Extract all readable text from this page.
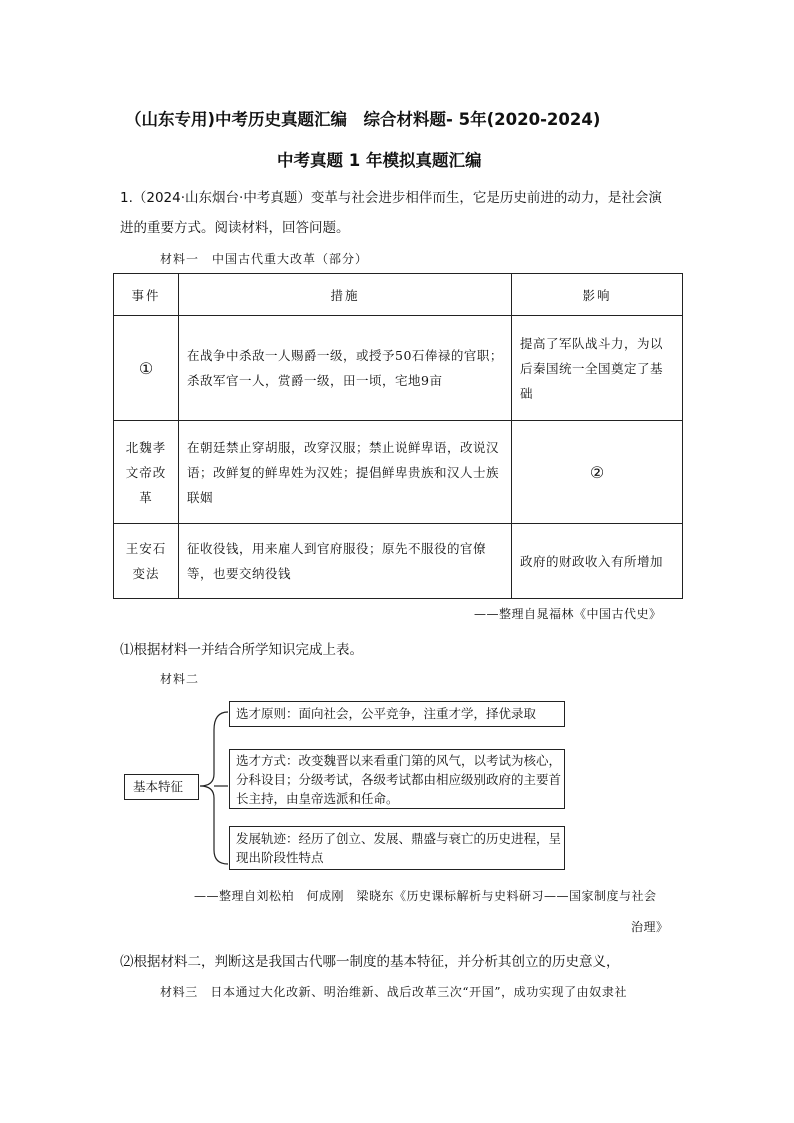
（山东专用)中考历史真题汇编　综合材料题- 5年(2020-2024)
中考真题 1 年模拟真题汇编
1.（2024·山东烟台·中考真题）变革与社会进步相伴而生，它是历史前进的动力，是社会演
进的重要方式。阅读材料，回答问题。
材料一　中国古代重大改革（部分）
事件	措施	影响
①	在战争中杀敌一人赐爵一级，或授予50石俸禄的官职；杀敌军官一人，赏爵一级，田一顷，宅地9亩	提高了军队战斗力，为以后秦国统一全国奠定了基础

北魏孝文帝改革	在朝廷禁止穿胡服，改穿汉服；禁止说鲜卑语，改说汉语；改鲜复的鲜卑姓为汉姓；提倡鲜卑贵族和汉人士族联姻	②

王安石变法	征收役钱，用来雇人到官府服役；原先不服役的官僚等，也要交纳役钱	政府的财政收入有所增加
——整理自晁福林《中国古代史》
⑴根据材料一并结合所学知识完成上表。
材料二
基本特征
选才原则：面向社会，公平竞争，注重才学，择优录取
选才方式：改变魏晋以来看重门第的风气，以考试为核心，分科设目；分级考试，各级考试都由相应级别政府的主要首长主持，由皇帝选派和任命。
发展轨迹：经历了创立、发展、鼎盛与衰亡的历史进程，呈现出阶段性特点
——整理自刘松柏　何成刚　梁晓东《历史课标解析与史料研习——国家制度与社会
治理》
⑵根据材料二，判断这是我国古代哪一制度的基本特征，并分析其创立的历史意义，
材料三　日本通过大化改新、明治维新、战后改革三次“开国”，成功实现了由奴隶社
